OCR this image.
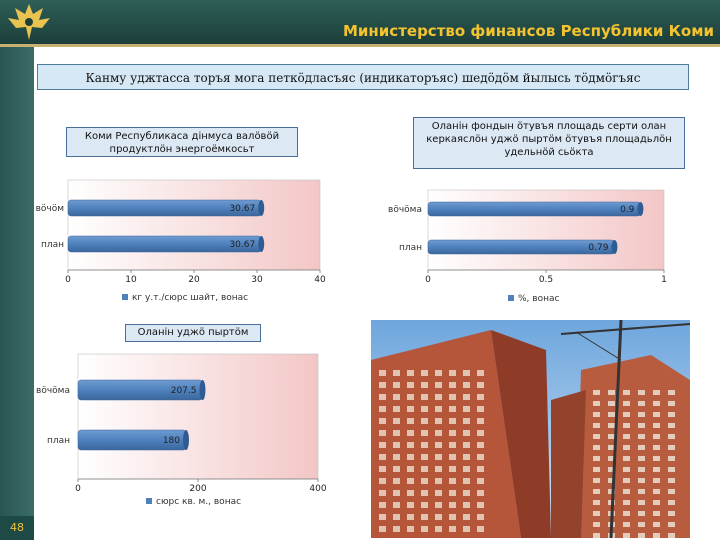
Министерство финансов Республики Коми
48
Канму уджтасса торъя мога петкӧдласъяс (индикаторъяс) шедӧдӧм йылысь тӧдмӧгъяс
вӧчӧм	30.67
план	30.67
0	10	20	30	40
кг у.т./сюрс шайт, вонас
Коми Республикаса дiнмуса валӧвӧй продуктлӧн энергоёмкосьт
вӧчӧма	0.9
план	0.79
0	0.5	1
%, вонас
Оланiн фондын ӧтувъя площадь серти олан керкаяслӧн уджӧ пыртӧм ӧтувъя площадьлӧн удельнӧй сьӧкта
вӧчӧма	207.5
план	180
0	200	400
сюрс кв. м., вонас
Оланiн уджӧ пыртӧм
